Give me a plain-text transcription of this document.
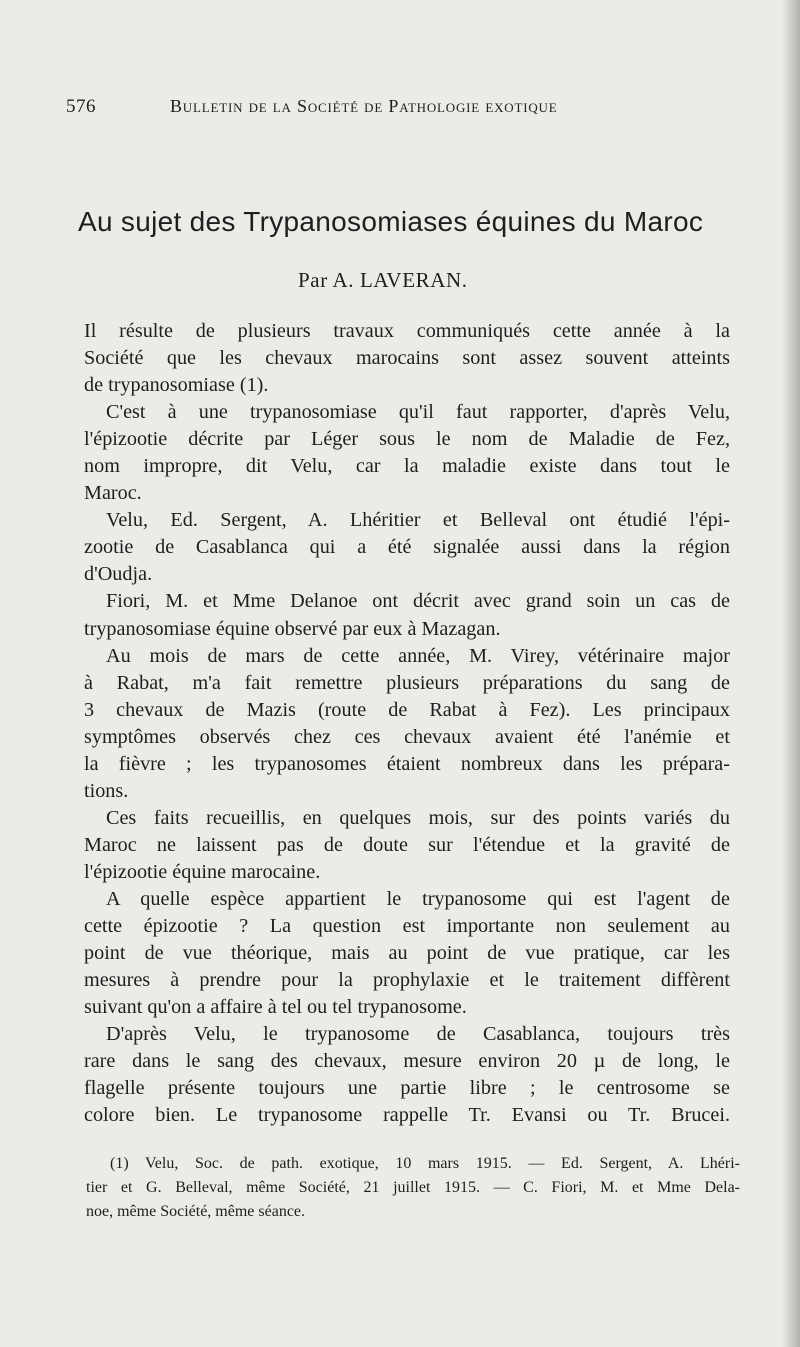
576	Bulletin de la Société de Pathologie exotique
Au sujet des Trypanosomiases équines du Maroc
Par A. LAVERAN.
Il résulte de plusieurs travaux communiqués cette année à la
Société que les chevaux marocains sont assez souvent atteints
de trypanosomiase (1).
C'est à une trypanosomiase qu'il faut rapporter, d'après Velu,
l'épizootie décrite par Léger sous le nom de Maladie de Fez,
nom impropre, dit Velu, car la maladie existe dans tout le
Maroc.
Velu, Ed. Sergent, A. Lhéritier et Belleval ont étudié l'épi-
zootie de Casablanca qui a été signalée aussi dans la région
d'Oudja.
Fiori, M. et Mme Delanoe ont décrit avec grand soin un cas de
trypanosomiase équine observé par eux à Mazagan.
Au mois de mars de cette année, M. Virey, vétérinaire major
à Rabat, m'a fait remettre plusieurs préparations du sang de
3 chevaux de Mazis (route de Rabat à Fez). Les principaux
symptômes observés chez ces chevaux avaient été l'anémie et
la fièvre ; les trypanosomes étaient nombreux dans les prépara-
tions.
Ces faits recueillis, en quelques mois, sur des points variés du
Maroc ne laissent pas de doute sur l'étendue et la gravité de
l'épizootie équine marocaine.
A quelle espèce appartient le trypanosome qui est l'agent de
cette épizootie ? La question est importante non seulement au
point de vue théorique, mais au point de vue pratique, car les
mesures à prendre pour la prophylaxie et le traitement diffèrent
suivant qu'on a affaire à tel ou tel trypanosome.
D'après Velu, le trypanosome de Casablanca, toujours très
rare dans le sang des chevaux, mesure environ 20 µ de long, le
flagelle présente toujours une partie libre ; le centrosome se
colore bien. Le trypanosome rappelle Tr. Evansi ou Tr. Brucei.
(1) Velu, Soc. de path. exotique, 10 mars 1915. — Ed. Sergent, A. Lhéri-
tier et G. Belleval, même Société, 21 juillet 1915. — C. Fiori, M. et Mme Dela-
noe, même Société, même séance.
